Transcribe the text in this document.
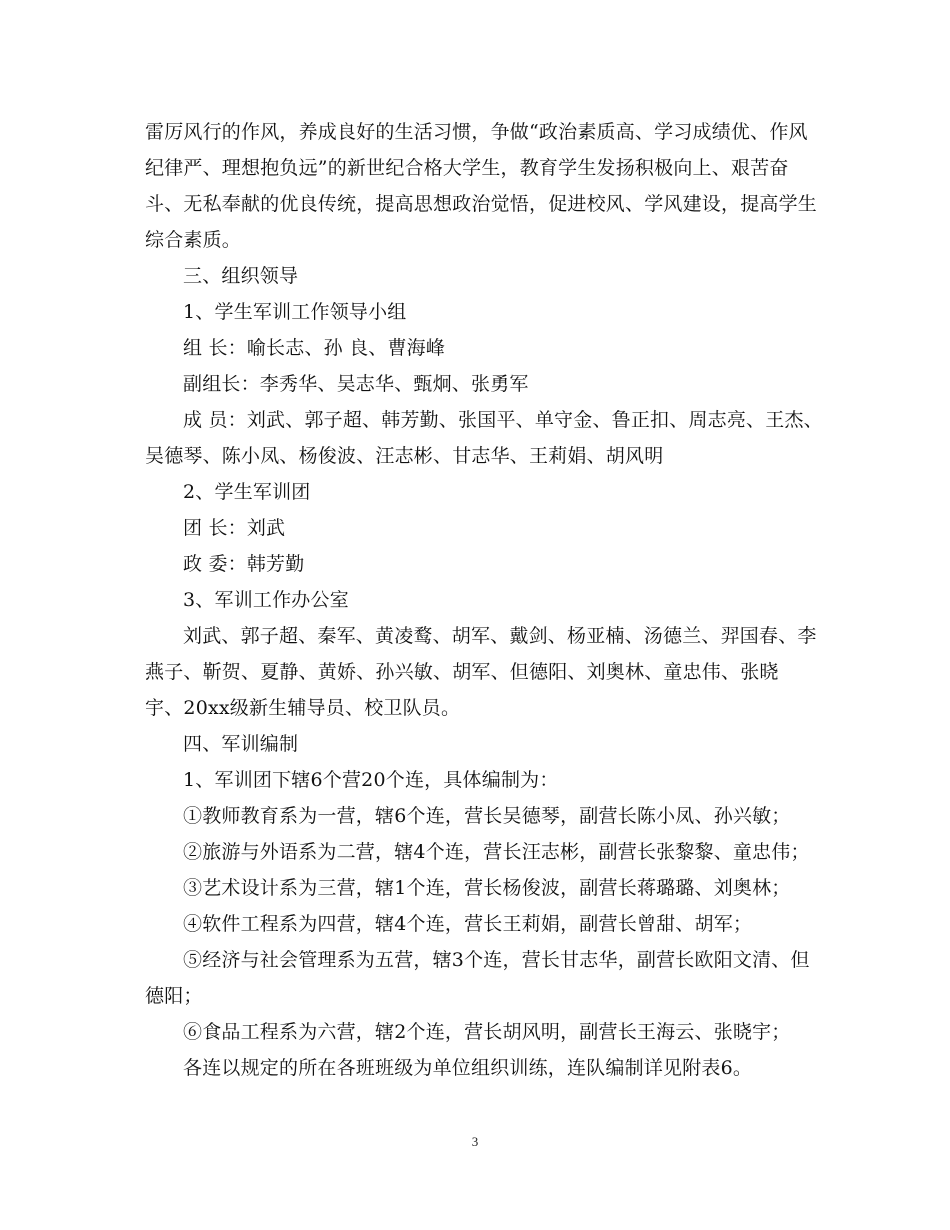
雷厉风行的作风，养成良好的生活习惯，争做“政治素质高、学习成绩优、作风
纪律严、理想抱负远”的新世纪合格大学生，教育学生发扬积极向上、艰苦奋
斗、无私奉献的优良传统，提高思想政治觉悟，促进校风、学风建设，提高学生
综合素质。
三、组织领导
1、学生军训工作领导小组
组 长：喻长志、孙 良、曹海峰
副组长：李秀华、吴志华、甄炯、张勇军
成 员：刘武、郭子超、韩芳勤、张国平、单守金、鲁正扣、周志亮、王杰、
吴德琴、陈小凤、杨俊波、汪志彬、甘志华、王莉娟、胡风明
2、学生军训团
团 长：刘武
政 委：韩芳勤
3、军训工作办公室
刘武、郭子超、秦军、黄凌鹜、胡军、戴剑、杨亚楠、汤德兰、羿国春、李
燕子、靳贺、夏静、黄娇、孙兴敏、胡军、但德阳、刘奥林、童忠伟、张晓
宇、20xx级新生辅导员、校卫队员。
四、军训编制
1、军训团下辖6个营20个连，具体编制为：
①教师教育系为一营，辖6个连，营长吴德琴，副营长陈小凤、孙兴敏；
②旅游与外语系为二营，辖4个连，营长汪志彬，副营长张黎黎、童忠伟；
③艺术设计系为三营，辖1个连，营长杨俊波，副营长蒋璐璐、刘奥林；
④软件工程系为四营，辖4个连，营长王莉娟，副营长曾甜、胡军；
⑤经济与社会管理系为五营，辖3个连，营长甘志华，副营长欧阳文清、但
德阳；
⑥食品工程系为六营，辖2个连，营长胡风明，副营长王海云、张晓宇；
各连以规定的所在各班班级为单位组织训练，连队编制详见附表6。
3
